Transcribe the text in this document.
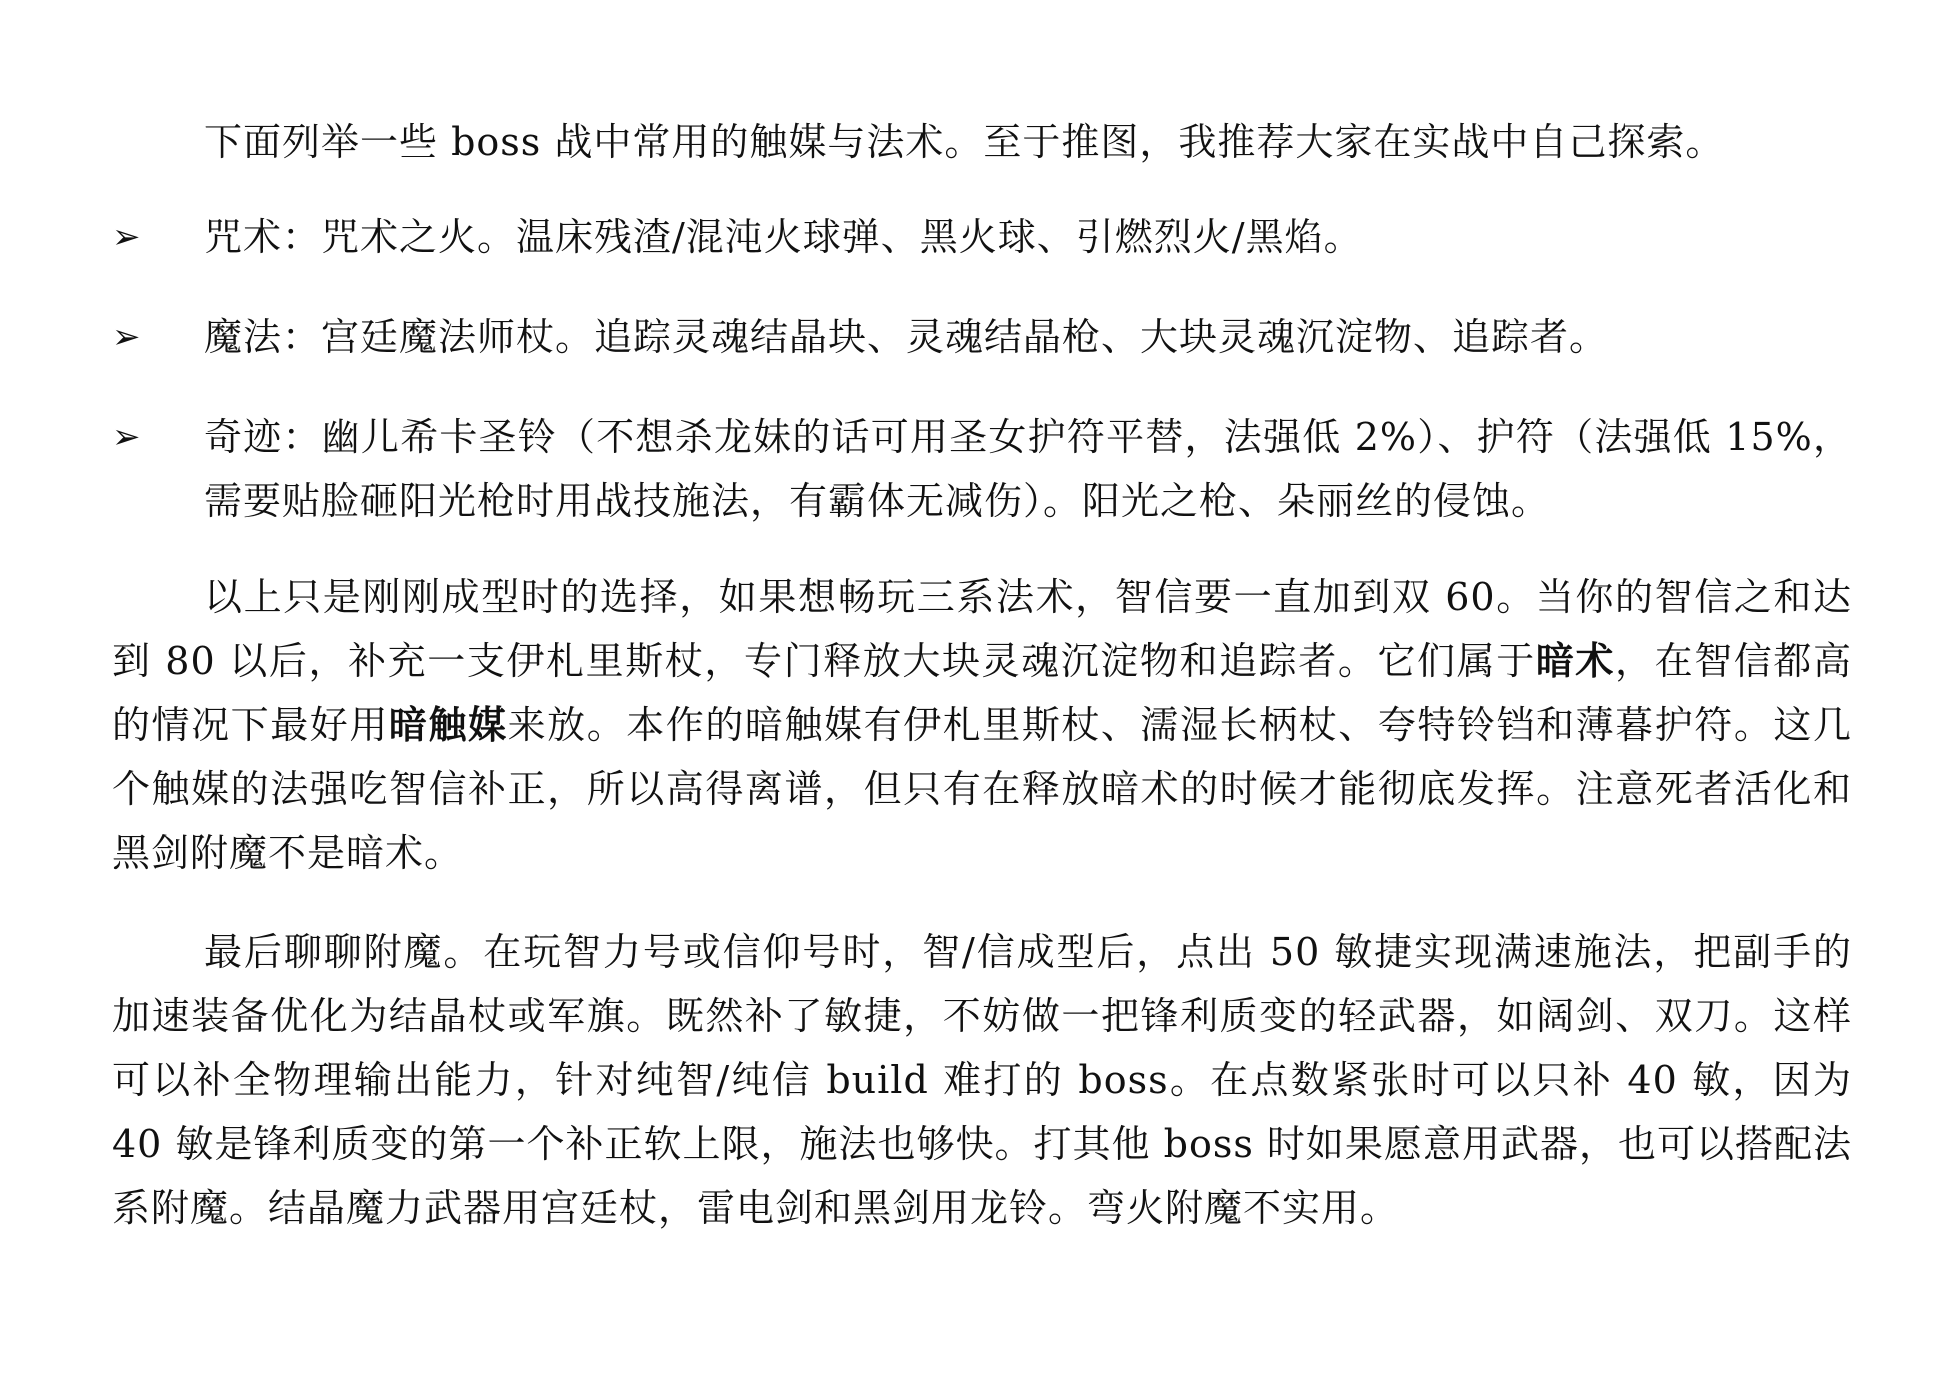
下面列举一些 boss 战中常用的触媒与法术。至于推图，我推荐大家在实战中自己探索。

➢	咒术：咒术之火。温床残渣/混沌火球弹、黑火球、引燃烈火/黑焰。
➢	魔法：宫廷魔法师杖。追踪灵魂结晶块、灵魂结晶枪、大块灵魂沉淀物、追踪者。
➢	奇迹：幽儿希卡圣铃（不想杀龙妹的话可用圣女护符平替，法强低 2%）、护符（法强低 15%，需要贴脸砸阳光枪时用战技施法，有霸体无减伤）。阳光之枪、朵丽丝的侵蚀。

以上只是刚刚成型时的选择，如果想畅玩三系法术，智信要一直加到双 60。当你的智信之和达到 80 以后，补充一支伊札里斯杖，专门释放大块灵魂沉淀物和追踪者。它们属于暗术，在智信都高的情况下最好用暗触媒来放。本作的暗触媒有伊札里斯杖、濡湿长柄杖、夸特铃铛和薄暮护符。这几个触媒的法强吃智信补正，所以高得离谱，但只有在释放暗术的时候才能彻底发挥。注意死者活化和黑剑附魔不是暗术。

最后聊聊附魔。在玩智力号或信仰号时，智/信成型后，点出 50 敏捷实现满速施法，把副手的加速装备优化为结晶杖或军旗。既然补了敏捷，不妨做一把锋利质变的轻武器，如阔剑、双刀。这样可以补全物理输出能力，针对纯智/纯信 build 难打的 boss。在点数紧张时可以只补 40 敏，因为 40 敏是锋利质变的第一个补正软上限，施法也够快。打其他 boss 时如果愿意用武器，也可以搭配法系附魔。结晶魔力武器用宫廷杖，雷电剑和黑剑用龙铃。弯火附魔不实用。
